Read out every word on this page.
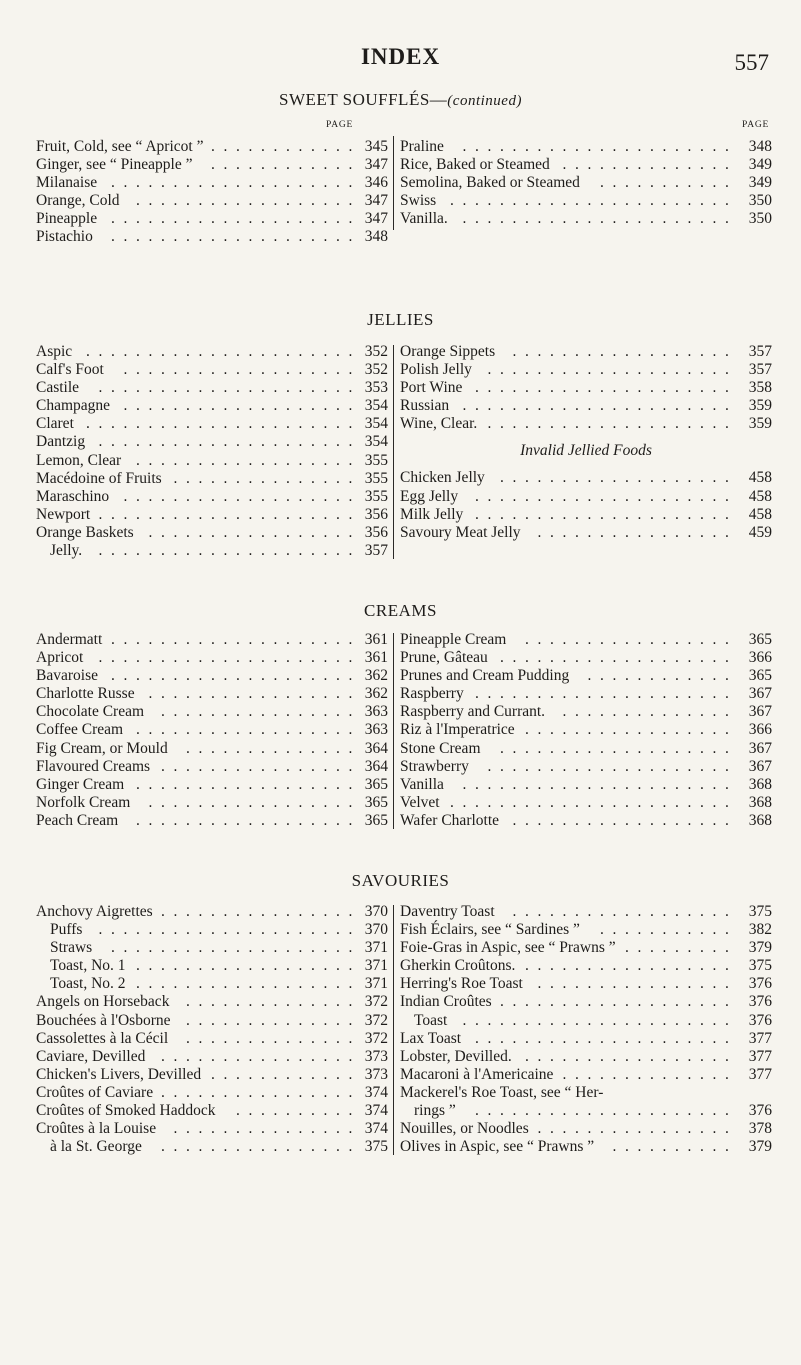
INDEX	557
SWEET SOUFFLÉS—(continued)
PAGE	PAGE
Fruit, Cold, see “ Apricot ” . . . . . . . . . . . . 345
Ginger, see “ Pineapple ” . . . . . . . . . . . . 347
Milanaise . . . . . . . . . . . . . . . . . . . . 346
Orange, Cold . . . . . . . . . . . . . . . . . . 347
Pineapple . . . . . . . . . . . . . . . . . . . . 347
Pistachio . . . . . . . . . . . . . . . . . . . . 348
Praline . . . . . . . . . . . . . . . . . . . . . .	348
Rice, Baked or Steamed . . . . . . . . . . . . . .	349
Semolina, Baked or Steamed . . . . . . . . . . .	349
Swiss . . . . . . . . . . . . . . . . . . . . . . .	350
Vanilla. . . . . . . . . . . . . . . . . . . . . . .	350
JELLIES
Aspic . . . . . . . . . . . . . . . . . . . . . . 352
Calf's Foot . . . . . . . . . . . . . . . . . . . 352
Castile . . . . . . . . . . . . . . . . . . . . . 353
Champagne . . . . . . . . . . . . . . . . . . . 354
Claret . . . . . . . . . . . . . . . . . . . . . . 354
Dantzig . . . . . . . . . . . . . . . . . . . . . 354
Lemon, Clear . . . . . . . . . . . . . . . . . . 355
Macédoine of Fruits . . . . . . . . . . . . . . . 355
Maraschino . . . . . . . . . . . . . . . . . . . 355
Newport . . . . . . . . . . . . . . . . . . . . . 356
Orange Baskets . . . . . . . . . . . . . . . . . 356
Jelly. . . . . . . . . . . . . . . . . . . . . . 357
Orange Sippets . . . . . . . . . . . . . . . . . .	357
Polish Jelly . . . . . . . . . . . . . . . . . . . .	357
Port Wine . . . . . . . . . . . . . . . . . . . . .	358
Russian . . . . . . . . . . . . . . . . . . . . . .	359
Wine, Clear. . . . . . . . . . . . . . . . . . . . .	359
Invalid Jellied Foods
Chicken Jelly . . . . . . . . . . . . . . . . . . .	458
Egg Jelly . . . . . . . . . . . . . . . . . . . . .	458
Milk Jelly . . . . . . . . . . . . . . . . . . . . .	458
Savoury Meat Jelly . . . . . . . . . . . . . . . .	459
CREAMS
Andermatt . . . . . . . . . . . . . . . . . . . . 361
Apricot . . . . . . . . . . . . . . . . . . . . . 361
Bavaroise . . . . . . . . . . . . . . . . . . . . 362
Charlotte Russe . . . . . . . . . . . . . . . . . 362
Chocolate Cream . . . . . . . . . . . . . . . . 363
Coffee Cream . . . . . . . . . . . . . . . . . . 363
Fig Cream, or Mould . . . . . . . . . . . . . . 364
Flavoured Creams . . . . . . . . . . . . . . . . 364
Ginger Cream . . . . . . . . . . . . . . . . . . 365
Norfolk Cream . . . . . . . . . . . . . . . . . 365
Peach Cream . . . . . . . . . . . . . . . . . . 365
Pineapple Cream . . . . . . . . . . . . . . . . .	365
Prune, Gâteau . . . . . . . . . . . . . . . . . . .	366
Prunes and Cream Pudding . . . . . . . . . . . .	365
Raspberry . . . . . . . . . . . . . . . . . . . . .	367
Raspberry and Currant. . . . . . . . . . . . . . .	367
Riz à l'Imperatrice . . . . . . . . . . . . . . . . .	366
Stone Cream . . . . . . . . . . . . . . . . . . .	367
Strawberry . . . . . . . . . . . . . . . . . . . .	367
Vanilla . . . . . . . . . . . . . . . . . . . . . .	368
Velvet . . . . . . . . . . . . . . . . . . . . . . .	368
Wafer Charlotte . . . . . . . . . . . . . . . . . .	368
SAVOURIES
Anchovy Aigrettes . . . . . . . . . . . . . . . . 370
Puffs . . . . . . . . . . . . . . . . . . . . . 370
Straws . . . . . . . . . . . . . . . . . . . . 371
Toast, No. 1 . . . . . . . . . . . . . . . . . . 371
Toast, No. 2 . . . . . . . . . . . . . . . . . . 371
Angels on Horseback . . . . . . . . . . . . . . 372
Bouchées à l'Osborne . . . . . . . . . . . . . . 372
Cassolettes à la Cécil . . . . . . . . . . . . . . 372
Caviare, Devilled . . . . . . . . . . . . . . . . 373
Chicken's Livers, Devilled . . . . . . . . . . . . 373
Croûtes of Caviare . . . . . . . . . . . . . . . . 374
Croûtes of Smoked Haddock . . . . . . . . . . 374
Croûtes à la Louise . . . . . . . . . . . . . . . 374
à la St. George . . . . . . . . . . . . . . . . 375
Daventry Toast . . . . . . . . . . . . . . . . . .	375
Fish Éclairs, see “ Sardines ” . . . . . . . . . . .	382
Foie-Gras in Aspic, see “ Prawns ” . . . . . . . . .	379
Gherkin Croûtons. . . . . . . . . . . . . . . . . .	375
Herring's Roe Toast . . . . . . . . . . . . . . . .	376
Indian Croûtes . . . . . . . . . . . . . . . . . . .	376
Toast . . . . . . . . . . . . . . . . . . . . . .	376
Lax Toast . . . . . . . . . . . . . . . . . . . . .	377
Lobster, Devilled. . . . . . . . . . . . . . . . . .	377
Macaroni à l'Americaine . . . . . . . . . . . . . .	377
Mackerel's Roe Toast, see “ Her-
rings ” . . . . . . . . . . . . . . . . . . . . .	376
Nouilles, or Noodles . . . . . . . . . . . . . . . .	378
Olives in Aspic, see “ Prawns ” . . . . . . . . . .	379
